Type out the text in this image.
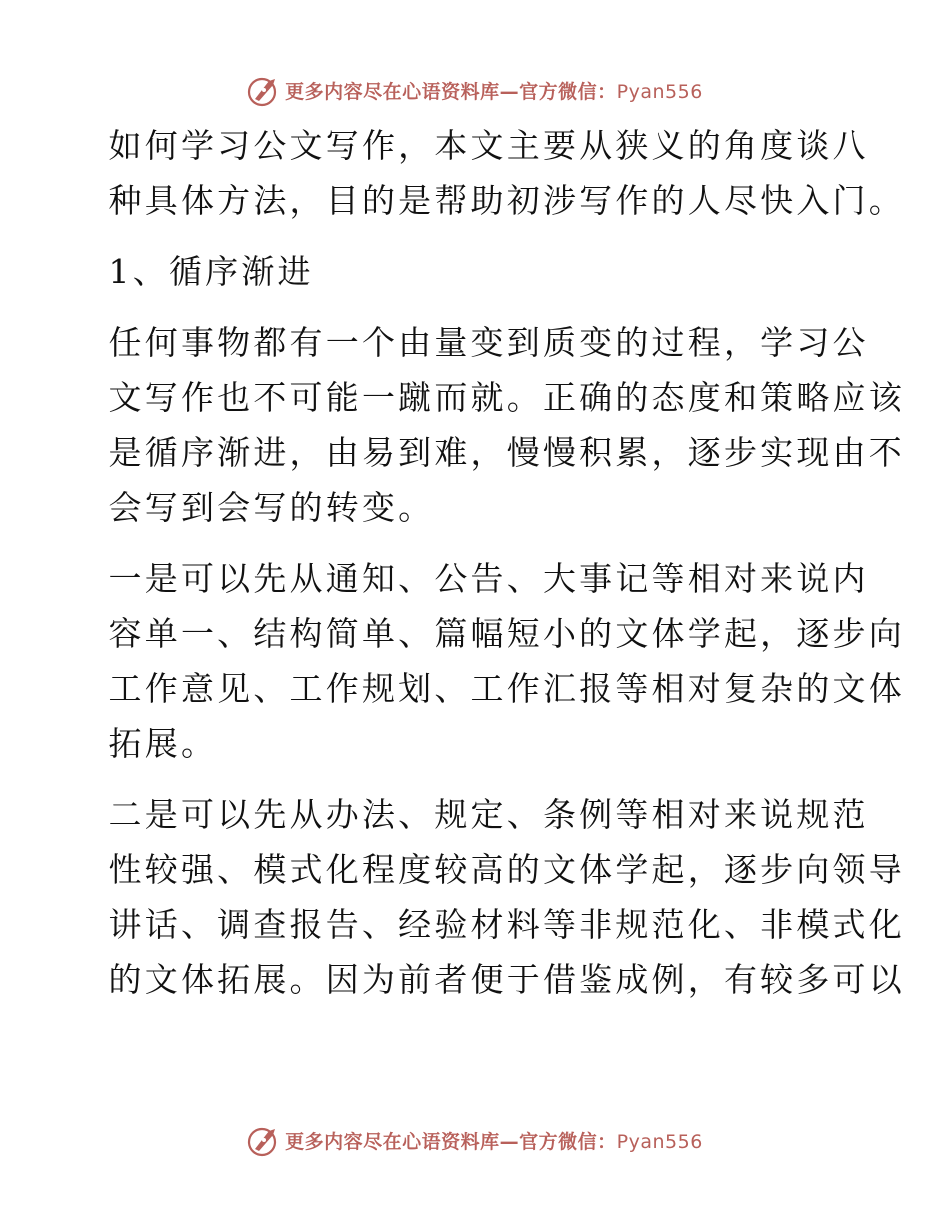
更多内容尽在心语资料库—官方微信：Pyan556
如何学习公文写作，本文主要从狭义的角度谈八
种具体方法，目的是帮助初涉写作的人尽快入门。
1、循序渐进
任何事物都有一个由量变到质变的过程，学习公
文写作也不可能一蹴而就。正确的态度和策略应该
是循序渐进，由易到难，慢慢积累，逐步实现由不
会写到会写的转变。
一是可以先从通知、公告、大事记等相对来说内
容单一、结构简单、篇幅短小的文体学起，逐步向
工作意见、工作规划、工作汇报等相对复杂的文体
拓展。
二是可以先从办法、规定、条例等相对来说规范
性较强、模式化程度较高的文体学起，逐步向领导
讲话、调查报告、经验材料等非规范化、非模式化
的文体拓展。因为前者便于借鉴成例，有较多可以
更多内容尽在心语资料库—官方微信：Pyan556
